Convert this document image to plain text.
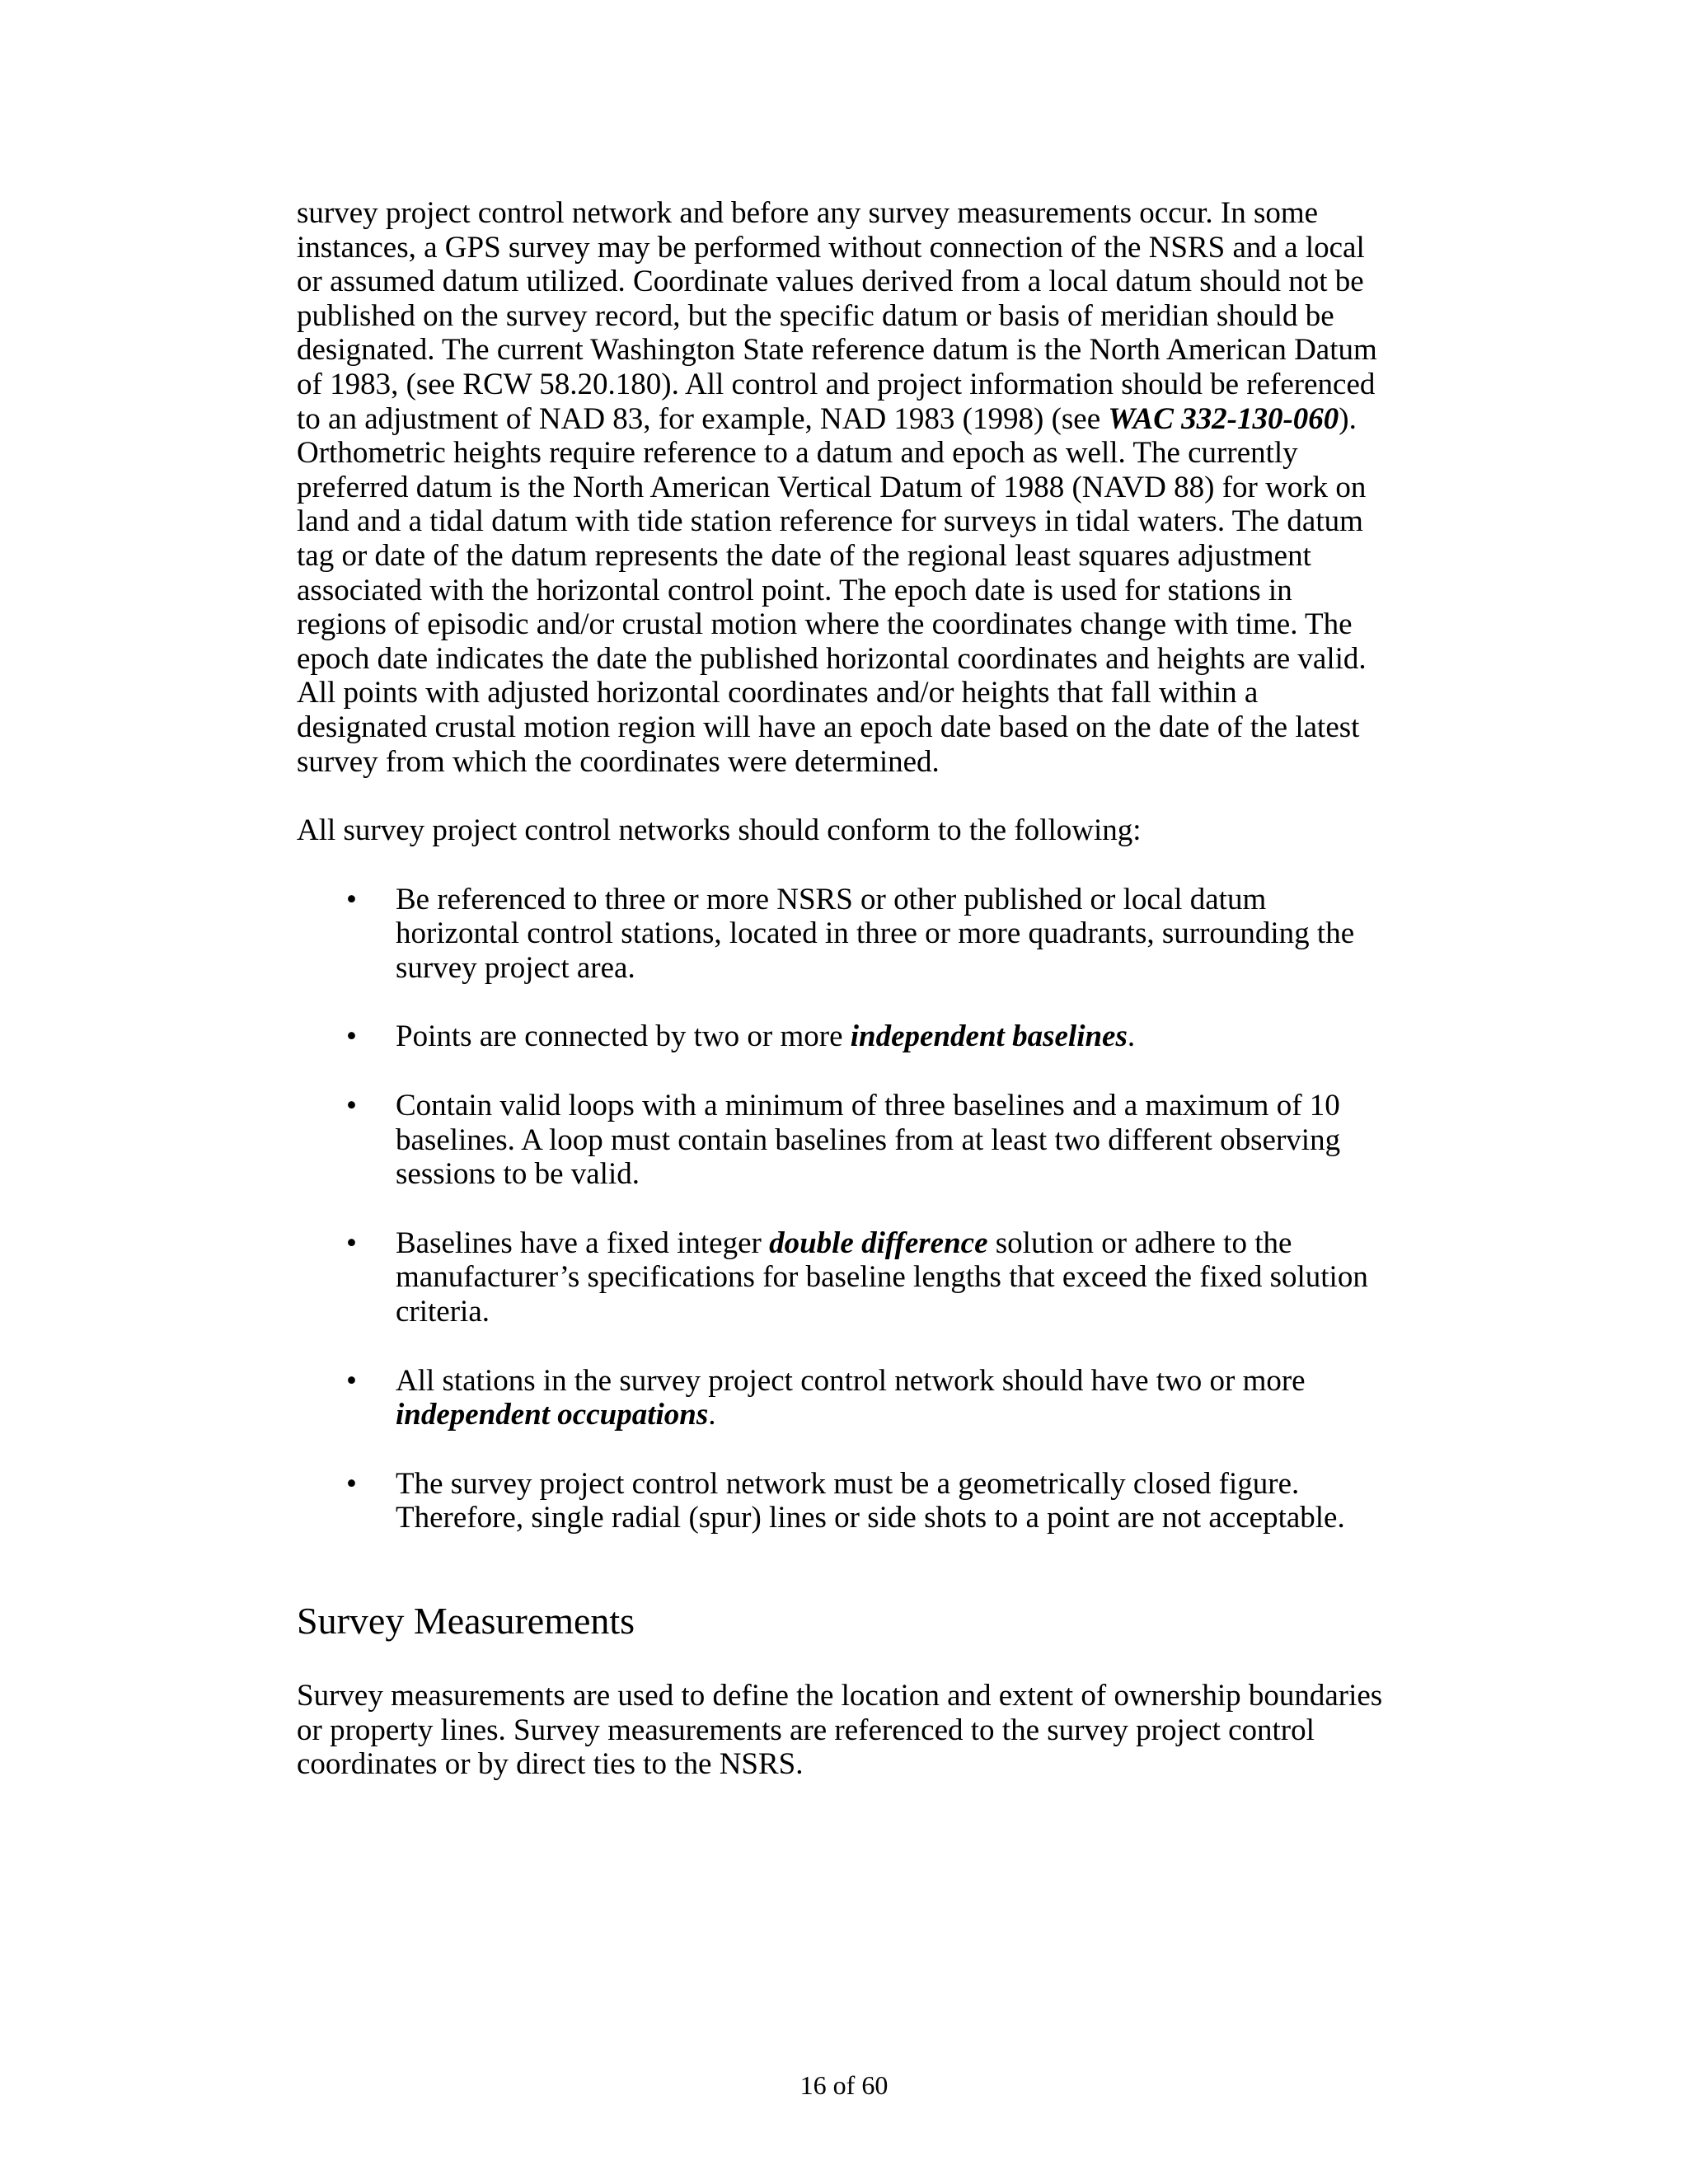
survey project control network and before any survey measurements occur. In some instances, a GPS survey may be performed without connection of the NSRS and a local or assumed datum utilized. Coordinate values derived from a local datum should not be published on the survey record, but the specific datum or basis of meridian should be designated. The current Washington State reference datum is the North American Datum of 1983, (see RCW 58.20.180). All control and project information should be referenced to an adjustment of NAD 83, for example, NAD 1983 (1998) (see WAC 332-130-060). Orthometric heights require reference to a datum and epoch as well. The currently preferred datum is the North American Vertical Datum of 1988 (NAVD 88) for work on land and a tidal datum with tide station reference for surveys in tidal waters. The datum tag or date of the datum represents the date of the regional least squares adjustment associated with the horizontal control point. The epoch date is used for stations in regions of episodic and/or crustal motion where the coordinates change with time. The epoch date indicates the date the published horizontal coordinates and heights are valid. All points with adjusted horizontal coordinates and/or heights that fall within a designated crustal motion region will have an epoch date based on the date of the latest survey from which the coordinates were determined.

All survey project control networks should conform to the following:

• Be referenced to three or more NSRS or other published or local datum horizontal control stations, located in three or more quadrants, surrounding the survey project area.
• Points are connected by two or more independent baselines.
• Contain valid loops with a minimum of three baselines and a maximum of 10 baselines. A loop must contain baselines from at least two different observing sessions to be valid.
• Baselines have a fixed integer double difference solution or adhere to the manufacturer’s specifications for baseline lengths that exceed the fixed solution criteria.
• All stations in the survey project control network should have two or more independent occupations.
• The survey project control network must be a geometrically closed figure. Therefore, single radial (spur) lines or side shots to a point are not acceptable.
Survey Measurements

Survey measurements are used to define the location and extent of ownership boundaries or property lines. Survey measurements are referenced to the survey project control coordinates or by direct ties to the NSRS.

16 of 60
